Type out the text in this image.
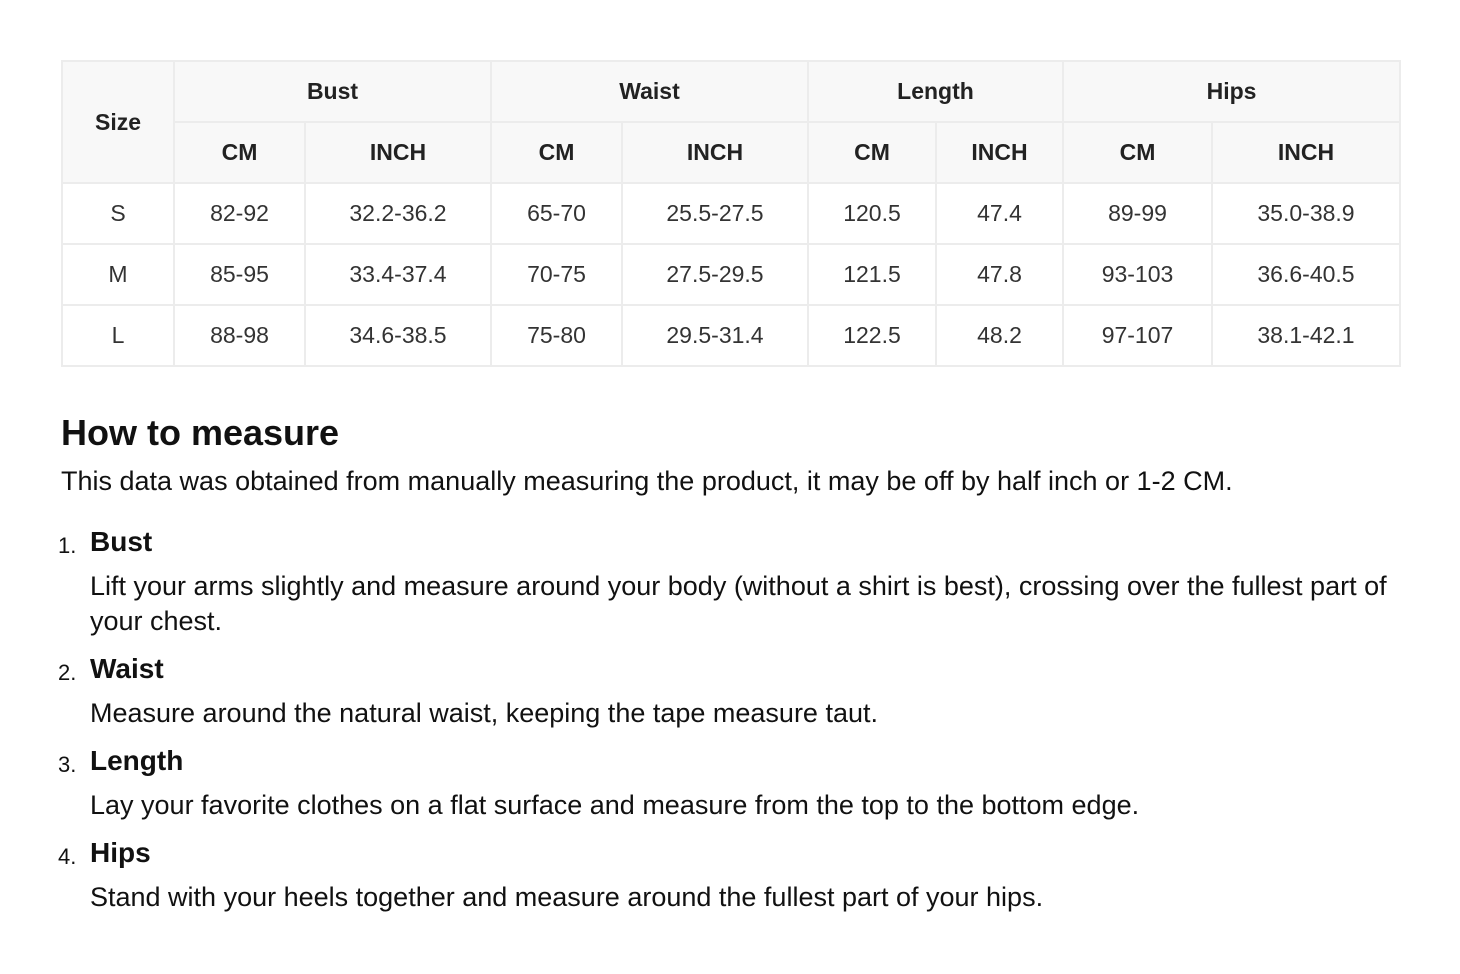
Size	Bust		Waist		Length		Hips	
	CM	INCH	CM	INCH	CM	INCH	CM	INCH
S	82-92	32.2-36.2	65-70	25.5-27.5	120.5	47.4	89-99	35.0-38.9
M	85-95	33.4-37.4	70-75	27.5-29.5	121.5	47.8	93-103	36.6-40.5
L	88-98	34.6-38.5	75-80	29.5-31.4	122.5	48.2	97-107	38.1-42.1
How to measure

This data was obtained from manually measuring the product, it may be off by half inch or 1-2 CM.

1. Bust
Lift your arms slightly and measure around your body (without a shirt is best), crossing over the fullest part of your chest.
2. Waist
Measure around the natural waist, keeping the tape measure taut.
3. Length
Lay your favorite clothes on a flat surface and measure from the top to the bottom edge.
4. Hips
Stand with your heels together and measure around the fullest part of your hips.
